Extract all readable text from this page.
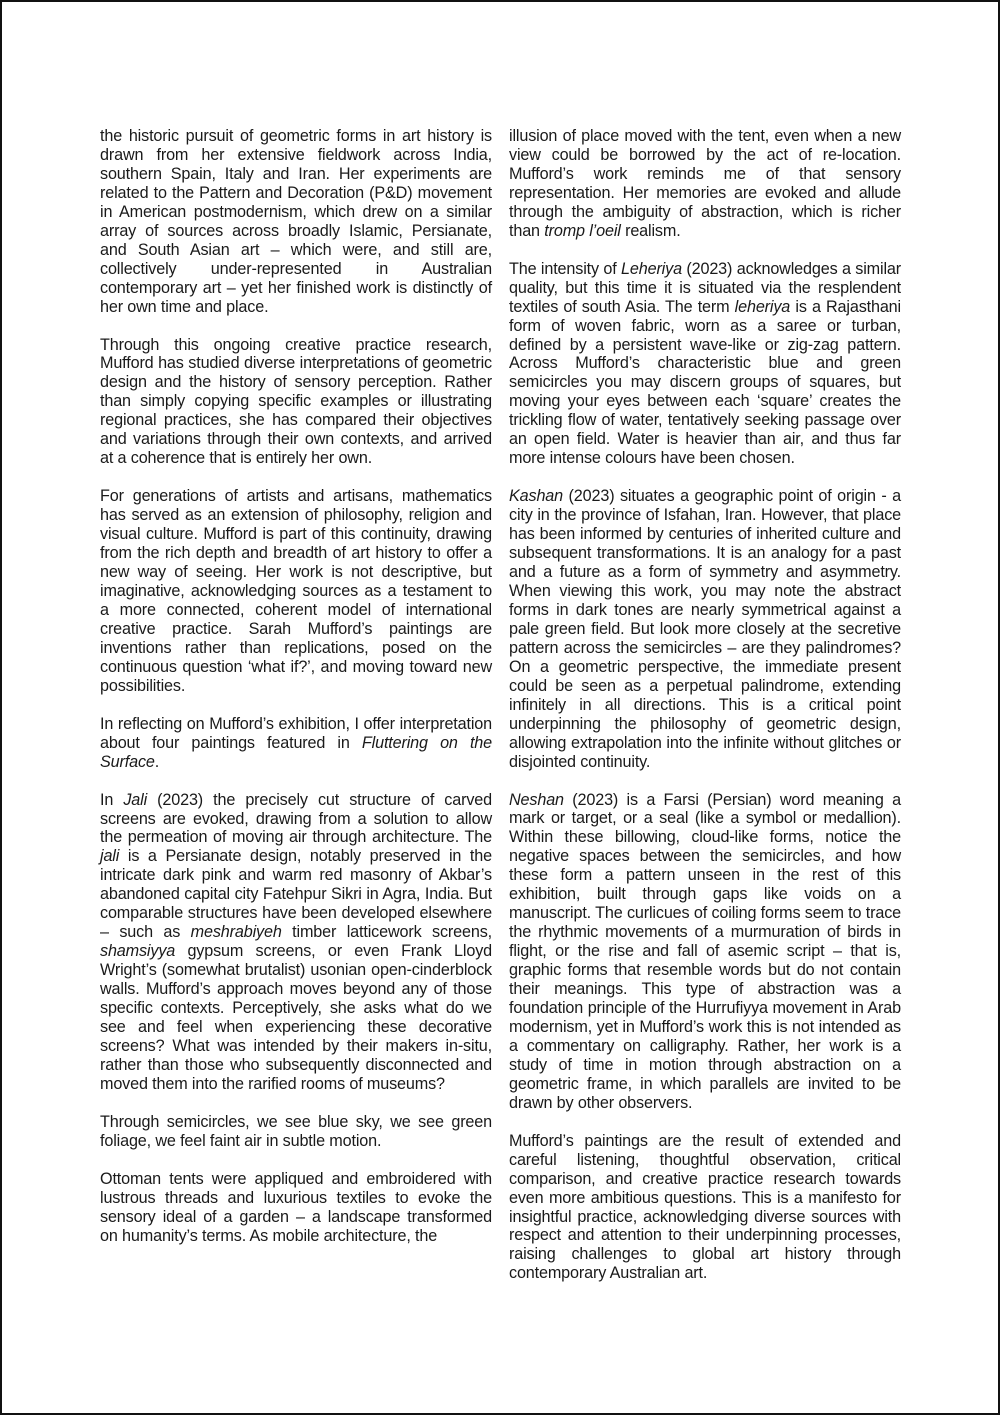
the historic pursuit of geometric forms in art history is drawn from her extensive fieldwork across India, southern Spain, Italy and Iran. Her experiments are related to the Pattern and Decoration (P&D) movement in American postmodernism, which drew on a similar array of sources across broadly Islamic, Persianate, and South Asian art – which were, and still are, collectively under-represented in Australian contemporary art – yet her finished work is distinctly of her own time and place.

Through this ongoing creative practice research, Mufford has studied diverse interpretations of geometric design and the history of sensory perception. Rather than simply copying specific examples or illustrating regional practices, she has compared their objectives and variations through their own contexts, and arrived at a coherence that is entirely her own.

For generations of artists and artisans, mathematics has served as an extension of philosophy, religion and visual culture. Mufford is part of this continuity, drawing from the rich depth and breadth of art history to offer a new way of seeing. Her work is not descriptive, but imaginative, acknowledging sources as a testament to a more connected, coherent model of international creative practice. Sarah Mufford’s paintings are inventions rather than replications, posed on the continuous question ‘what if?’, and moving toward new possibilities.

In reflecting on Mufford’s exhibition, I offer interpretation about four paintings featured in Fluttering on the Surface.

In Jali (2023) the precisely cut structure of carved screens are evoked, drawing from a solution to allow the permeation of moving air through architecture. The jali is a Persianate design, notably preserved in the intricate dark pink and warm red masonry of Akbar’s abandoned capital city Fatehpur Sikri in Agra, India. But comparable structures have been developed elsewhere – such as meshrabiyeh timber latticework screens, shamsiyya gypsum screens, or even Frank Lloyd Wright’s (somewhat brutalist) usonian open-cinderblock walls. Mufford’s approach moves beyond any of those specific contexts. Perceptively, she asks what do we see and feel when experiencing these decorative screens? What was intended by their makers in-situ, rather than those who subsequently disconnected and moved them into the rarified rooms of museums?

Through semicircles, we see blue sky, we see green foliage, we feel faint air in subtle motion.

Ottoman tents were appliqued and embroidered with lustrous threads and luxurious textiles to evoke the sensory ideal of a garden – a landscape transformed on humanity’s terms. As mobile architecture, the

illusion of place moved with the tent, even when a new view could be borrowed by the act of re-location. Mufford’s work reminds me of that sensory representation. Her memories are evoked and allude through the ambiguity of abstraction, which is richer than tromp l’oeil realism.

The intensity of Leheriya (2023) acknowledges a similar quality, but this time it is situated via the resplendent textiles of south Asia. The term leheriya is a Rajasthani form of woven fabric, worn as a saree or turban, defined by a persistent wave-like or zig-zag pattern. Across Mufford’s characteristic blue and green semicircles you may discern groups of squares, but moving your eyes between each ‘square’ creates the trickling flow of water, tentatively seeking passage over an open field. Water is heavier than air, and thus far more intense colours have been chosen.

Kashan (2023) situates a geographic point of origin - a city in the province of Isfahan, Iran. However, that place has been informed by centuries of inherited culture and subsequent transformations. It is an analogy for a past and a future as a form of symmetry and asymmetry. When viewing this work, you may note the abstract forms in dark tones are nearly symmetrical against a pale green field. But look more closely at the secretive pattern across the semicircles – are they palindromes? On a geometric perspective, the immediate present could be seen as a perpetual palindrome, extending infinitely in all directions. This is a critical point underpinning the philosophy of geometric design, allowing extrapolation into the infinite without glitches or disjointed continuity.

Neshan (2023) is a Farsi (Persian) word meaning a mark or target, or a seal (like a symbol or medallion). Within these billowing, cloud-like forms, notice the negative spaces between the semicircles, and how these form a pattern unseen in the rest of this exhibition, built through gaps like voids on a manuscript. The curlicues of coiling forms seem to trace the rhythmic movements of a murmuration of birds in flight, or the rise and fall of asemic script – that is, graphic forms that resemble words but do not contain their meanings. This type of abstraction was a foundation principle of the Hurrufiyya movement in Arab modernism, yet in Mufford’s work this is not intended as a commentary on calligraphy. Rather, her work is a study of time in motion through abstraction on a geometric frame, in which parallels are invited to be drawn by other observers.

Mufford’s paintings are the result of extended and careful listening, thoughtful observation, critical comparison, and creative practice research towards even more ambitious questions. This is a manifesto for insightful practice, acknowledging diverse sources with respect and attention to their underpinning processes, raising challenges to global art history through contemporary Australian art.
